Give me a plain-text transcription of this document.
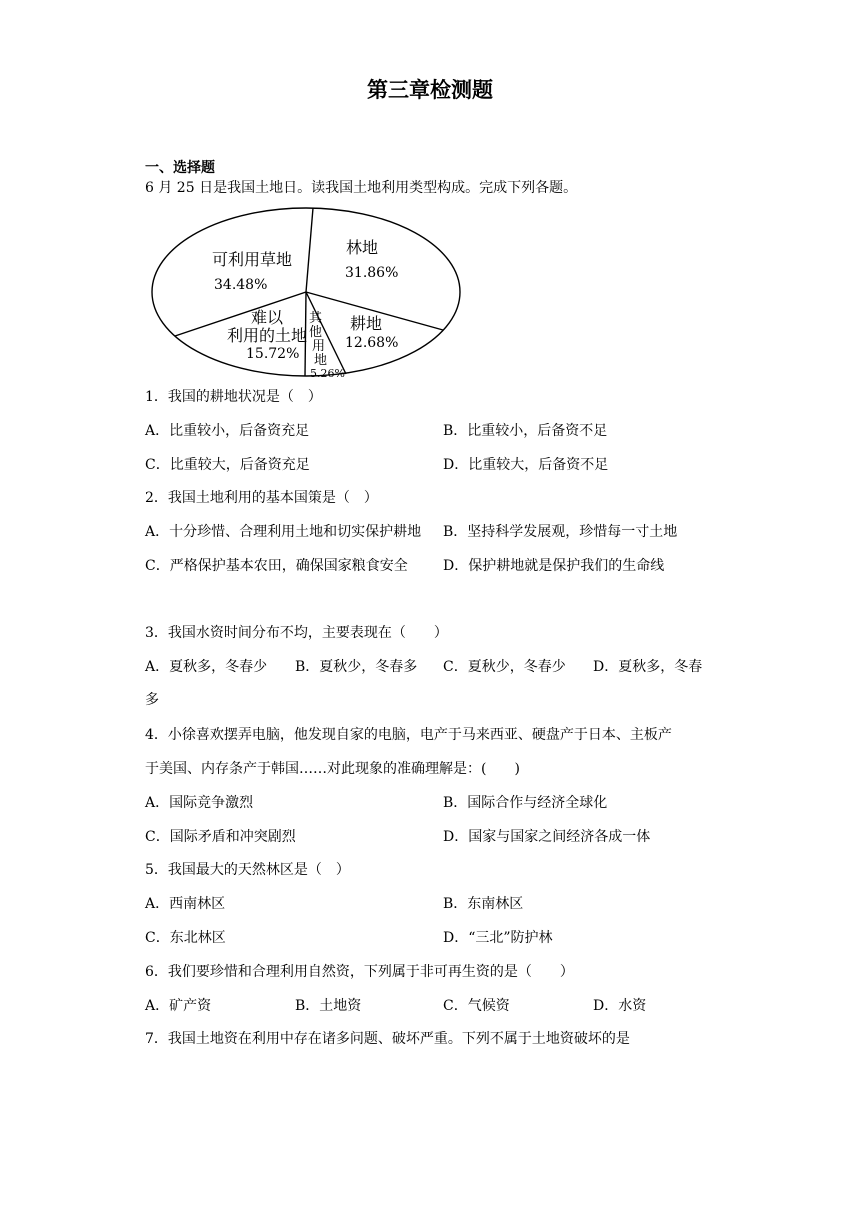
第三章检测题
一、选择题
6 月 25 日是我国土地日。读我国土地利用类型构成。完成下列各题。
可利用草地
34.48%
林地
31.86%
耕地
12.68%
难以
利用的土地
15.72%
其
他
用
地
5.26%
1．我国的耕地状况是（　）
A．比重较小，后备资充足	B．比重较小，后备资不足
C．比重较大，后备资充足	D．比重较大，后备资不足
2．我国土地利用的基本国策是（　）
A．十分珍惜、合理利用土地和切实保护耕地 B．坚持科学发展观，珍惜每一寸土地
C．严格保护基本农田，确保国家粮食安全	D．保护耕地就是保护我们的生命线
3．我国水资时间分布不均，主要表现在（　　）
A．夏秋多，冬春少 B．夏秋少，冬春多 C．夏秋少，冬春少 D．夏秋多，冬春
多
4．小徐喜欢摆弄电脑，他发现自家的电脑，电产于马来西亚、硬盘产于日本、主板产
于美国、内存条产于韩国……对此现象的准确理解是：(　　)
A．国际竞争激烈	B．国际合作与经济全球化
C．国际矛盾和冲突剧烈	D．国家与国家之间经济各成一体
5．我国最大的天然林区是（　）
A．西南林区	B．东南林区
C．东北林区	D．“三北”防护林
6．我们要珍惜和合理利用自然资，下列属于非可再生资的是（　　）
A．矿产资	B．土地资	C．气候资	D．水资
7．我国土地资在利用中存在诸多问题、破坏严重。下列不属于土地资破坏的是
